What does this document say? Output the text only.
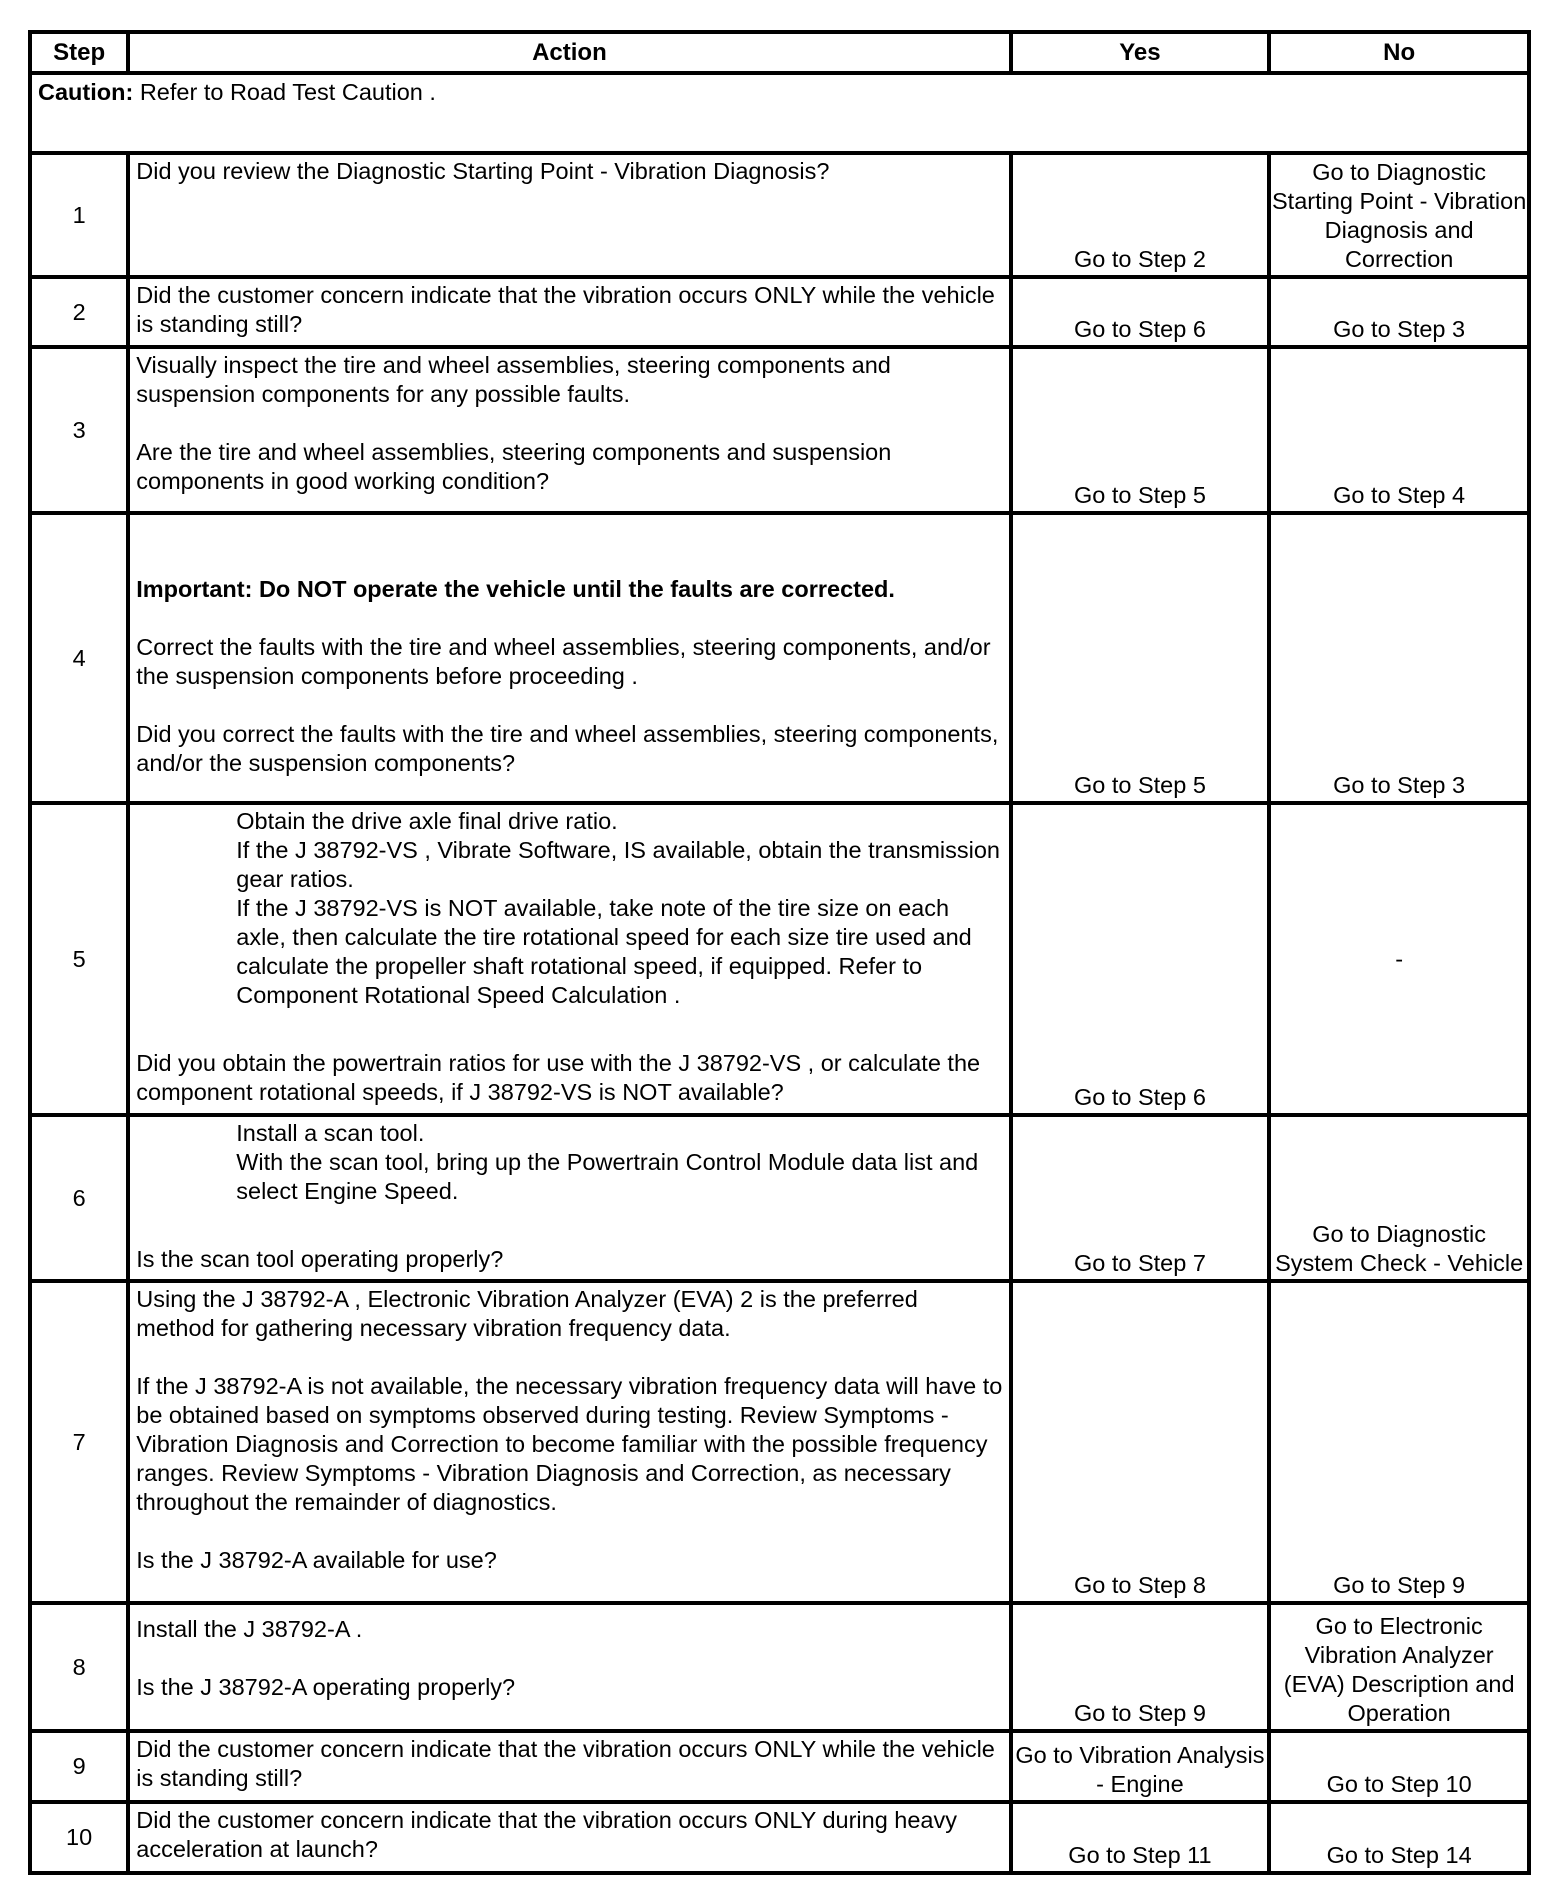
Step	Action	Yes	No
Caution: Refer to Road Test Caution .			
1	Did you review the Diagnostic Starting Point - Vibration Diagnosis?	Go to Step 2	Go to Diagnostic Starting Point - Vibration Diagnosis and Correction
2	Did the customer concern indicate that the vibration occurs ONLY while the vehicle is standing still?	Go to Step 6	Go to Step 3
3	Visually inspect the tire and wheel assemblies, steering components and suspension components for any possible faults.

Are the tire and wheel assemblies, steering components and suspension components in good working condition?	Go to Step 5	Go to Step 4
4	Important: Do NOT operate the vehicle until the faults are corrected.

Correct the faults with the tire and wheel assemblies, steering components, and/or the suspension components before proceeding .

Did you correct the faults with the tire and wheel assemblies, steering components, and/or the suspension components?	Go to Step 5	Go to Step 3
5	Obtain the drive axle final drive ratio.

If the J 38792-VS , Vibrate Software, IS available, obtain the transmission gear ratios.

If the J 38792-VS is NOT available, take note of the tire size on each axle, then calculate the tire rotational speed for each size tire used and calculate the propeller shaft rotational speed, if equipped. Refer to Component Rotational Speed Calculation .

Did you obtain the powertrain ratios for use with the J 38792-VS , or calculate the component rotational speeds, if J 38792-VS is NOT available?	Go to Step 6	-
6	Install a scan tool.

With the scan tool, bring up the Powertrain Control Module data list and select Engine Speed.

Is the scan tool operating properly?	Go to Step 7	Go to Diagnostic System Check - Vehicle
7	Using the J 38792-A , Electronic Vibration Analyzer (EVA) 2 is the preferred method for gathering necessary vibration frequency data.

If the J 38792-A is not available, the necessary vibration frequency data will have to be obtained based on symptoms observed during testing. Review Symptoms - Vibration Diagnosis and Correction to become familiar with the possible frequency ranges. Review Symptoms - Vibration Diagnosis and Correction, as necessary throughout the remainder of diagnostics.

Is the J 38792-A available for use?	Go to Step 8	Go to Step 9
8	Install the J 38792-A .

Is the J 38792-A operating properly?	Go to Step 9	Go to Electronic Vibration Analyzer (EVA) Description and Operation
9	Did the customer concern indicate that the vibration occurs ONLY while the vehicle is standing still?	Go to Vibration Analysis - Engine	Go to Step 10
10	Did the customer concern indicate that the vibration occurs ONLY during heavy acceleration at launch?	Go to Step 11	Go to Step 14
